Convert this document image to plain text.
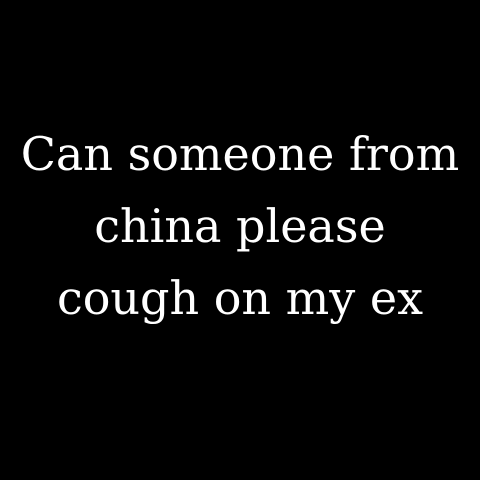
Can someone from
china please
cough on my ex
